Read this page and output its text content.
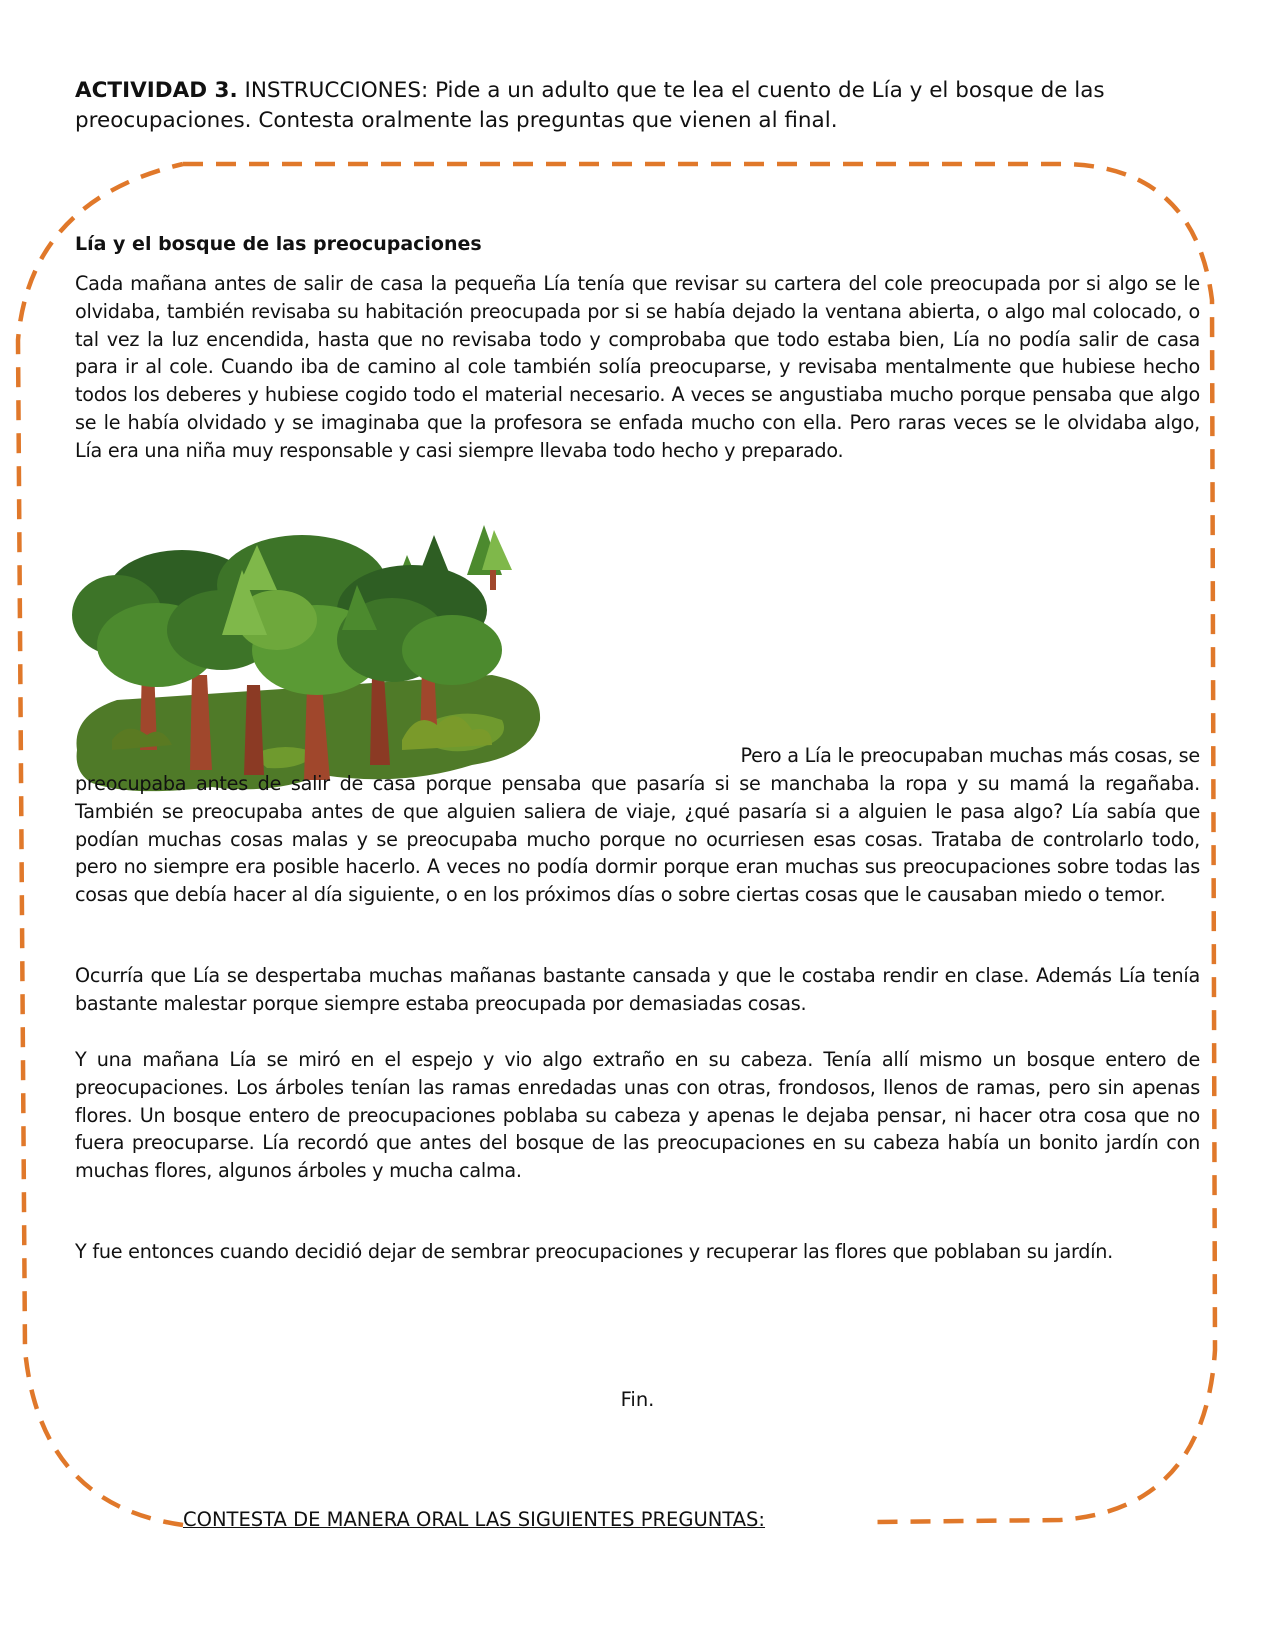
ACTIVIDAD 3. INSTRUCCIONES: Pide a un adulto que te lea el cuento de Lía y el bosque de las preocupaciones. Contesta oralmente las preguntas que vienen al final.

Lía y el bosque de las preocupaciones

Cada mañana antes de salir de casa la pequeña Lía tenía que revisar su cartera del cole preocupada por si algo se le olvidaba, también revisaba su habitación preocupada por si se había dejado la ventana abierta, o algo mal colocado, o tal vez la luz encendida, hasta que no revisaba todo y comprobaba que todo estaba bien, Lía no podía salir de casa para ir al cole. Cuando iba de camino al cole también solía preocuparse, y revisaba mentalmente que hubiese hecho todos los deberes y hubiese cogido todo el material necesario. A veces se angustiaba mucho porque pensaba que algo se le había olvidado y se imaginaba que la profesora se enfada mucho con ella. Pero raras veces se le olvidaba algo, Lía era una niña muy responsable y casi siempre llevaba todo hecho y preparado.

Pero a Lía le preocupaban muchas más cosas, se

preocupaba antes de salir de casa porque pensaba que pasaría si se manchaba la ropa y su mamá la regañaba. También se preocupaba antes de que alguien saliera de viaje, ¿qué pasaría si a alguien le pasa algo? Lía sabía que podían muchas cosas malas y se preocupaba mucho porque no ocurriesen esas cosas. Trataba de controlarlo todo, pero no siempre era posible hacerlo. A veces no podía dormir porque eran muchas sus preocupaciones sobre todas las cosas que debía hacer al día siguiente, o en los próximos días o sobre ciertas cosas que le causaban miedo o temor.

Ocurría que Lía se despertaba muchas mañanas bastante cansada y que le costaba rendir en clase. Además Lía tenía bastante malestar porque siempre estaba preocupada por demasiadas cosas.

Y una mañana Lía se miró en el espejo y vio algo extraño en su cabeza. Tenía allí mismo un bosque entero de preocupaciones. Los árboles tenían las ramas enredadas unas con otras, frondosos, llenos de ramas, pero sin apenas flores. Un bosque entero de preocupaciones poblaba su cabeza y apenas le dejaba pensar, ni hacer otra cosa que no fuera preocuparse. Lía recordó que antes del bosque de las preocupaciones en su cabeza había un bonito jardín con muchas flores, algunos árboles y mucha calma.

Y fue entonces cuando decidió dejar de sembrar preocupaciones y recuperar las flores que poblaban su jardín.

Fin.

CONTESTA DE MANERA ORAL LAS SIGUIENTES PREGUNTAS:
